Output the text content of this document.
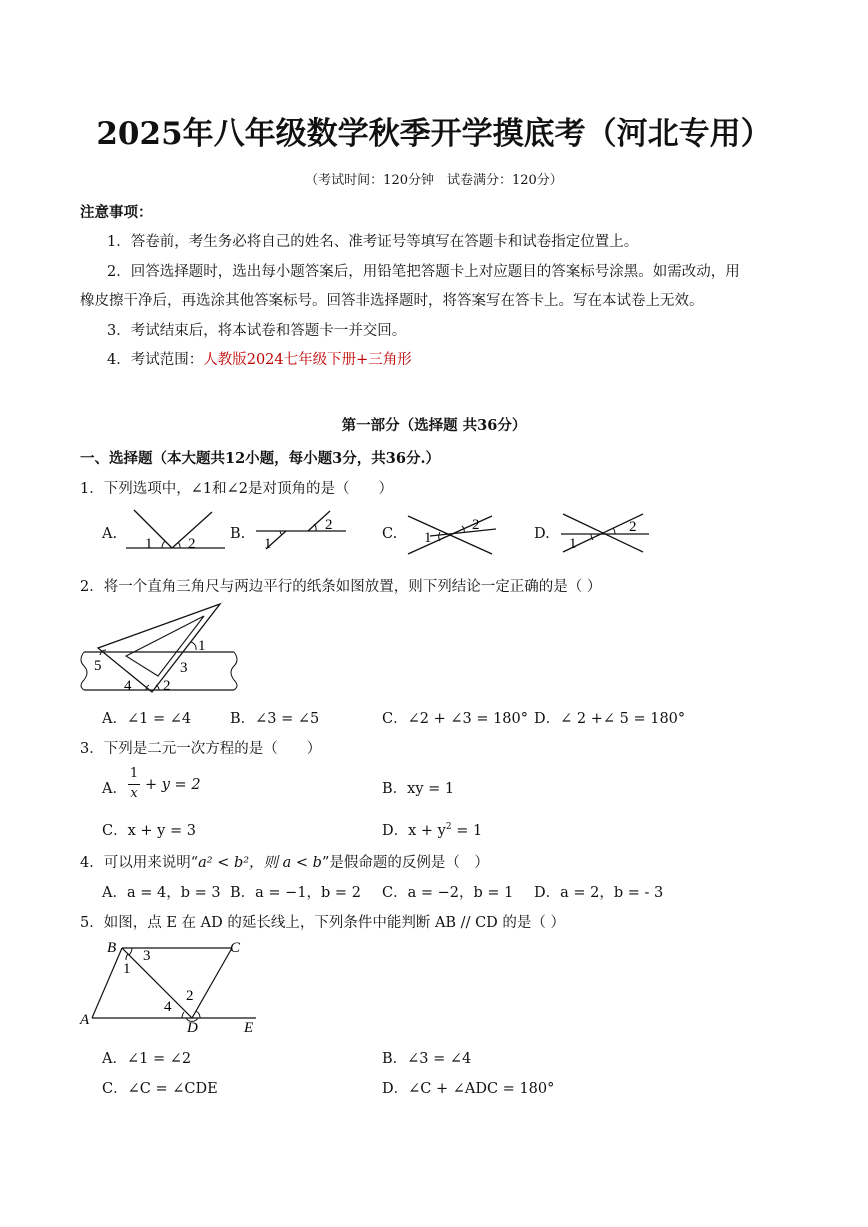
2025年八年级数学秋季开学摸底考（河北专用）
（考试时间：120分钟　试卷满分：120分）
注意事项：
1．答卷前，考生务必将自己的姓名、准考证号等填写在答题卡和试卷指定位置上。
2．回答选择题时，选出每小题答案后，用铅笔把答题卡上对应题目的答案标号涂黑。如需改动，用
橡皮擦干净后，再选涂其他答案标号。回答非选择题时，将答案写在答卡上。写在本试卷上无效。
3．考试结束后，将本试卷和答题卡一并交回。
4．考试范围：人教版2024七年级下册+三角形
第一部分（选择题 共36分）
一、选择题（本大题共12小题，每小题3分，共36分.）
1．下列选项中，∠1和∠2是对顶角的是（　　）
A.
1 2
B.
1
2
C. 1
2
D.
1
2
2．将一个直角三角尺与两边平行的纸条如图放置，则下列结论一定正确的是（ ）
1
2
3
4
5
A．∠1 = ∠4	B．∠3 = ∠5	C．∠2 + ∠3 = 180° D．∠ 2 +∠ 5 = 180°
3．下列是二元一次方程的是（　　）
A．
1
x
+ y = 2	B．xy = 1
C．x + y = 3	D．$x + y^2 = 1$
4．可以用来说明“a² < b²，则 a < b”是假命题的反例是（　）
A．a = 4，b = 3 B．a = −1，b = 2 C．a = −2，b = 1 D．a = 2，b = - 3
5．如图，点 E 在 AD 的延长线上，下列条件中能判断 AB // CD 的是（ ）
B	C
A	D	E
1
3
4
2
A．∠1 = ∠2	B．∠3 = ∠4
C．∠C = ∠CDE	D．∠C + ∠ADC = 180°
